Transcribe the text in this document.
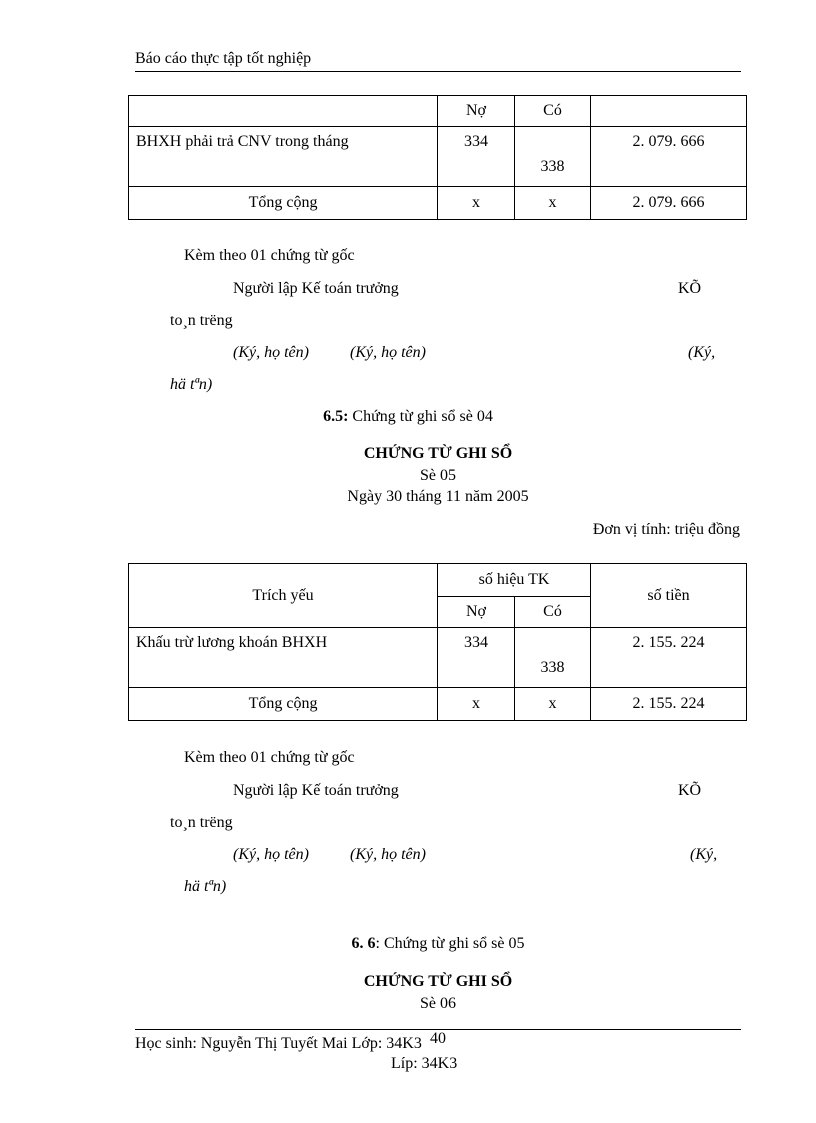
Báo cáo thực tập tốt nghiệp
	Nợ	Có	

BHXH phải trả CNV trong tháng	334	338	2. 079. 666
Tổng cộng	x	x	2. 079. 666
Kèm theo 01 chứng từ gốc
Người lập Kế toán trưởng	KÕ
to¸n trëng
(Ký, họ tên)	(Ký, họ tên)	(Ký,
hä tªn)
6.5: Chứng từ ghi sổ sè 04
CHỨNG TỪ GHI SỔ
Sè 05
Ngày 30 tháng 11 năm 2005
Đơn vị tính: triệu đồng
Trích yếu	số hiệu TK		số tiền
	Nợ	Có	

Khấu trừ lương khoán BHXH	334	338	2. 155. 224
Tổng cộng	x	x	2. 155. 224
Kèm theo 01 chứng từ gốc
Người lập Kế toán trưởng	KÕ
to¸n trëng
(Ký, họ tên)	(Ký, họ tên)	(Ký,
hä tªn)
6. 6: Chứng từ ghi sổ sè 05
CHỨNG TỪ GHI SỔ
Sè 06
40
Học sinh: Nguyễn Thị Tuyết Mai Lớp: 34K3
Líp: 34K3
